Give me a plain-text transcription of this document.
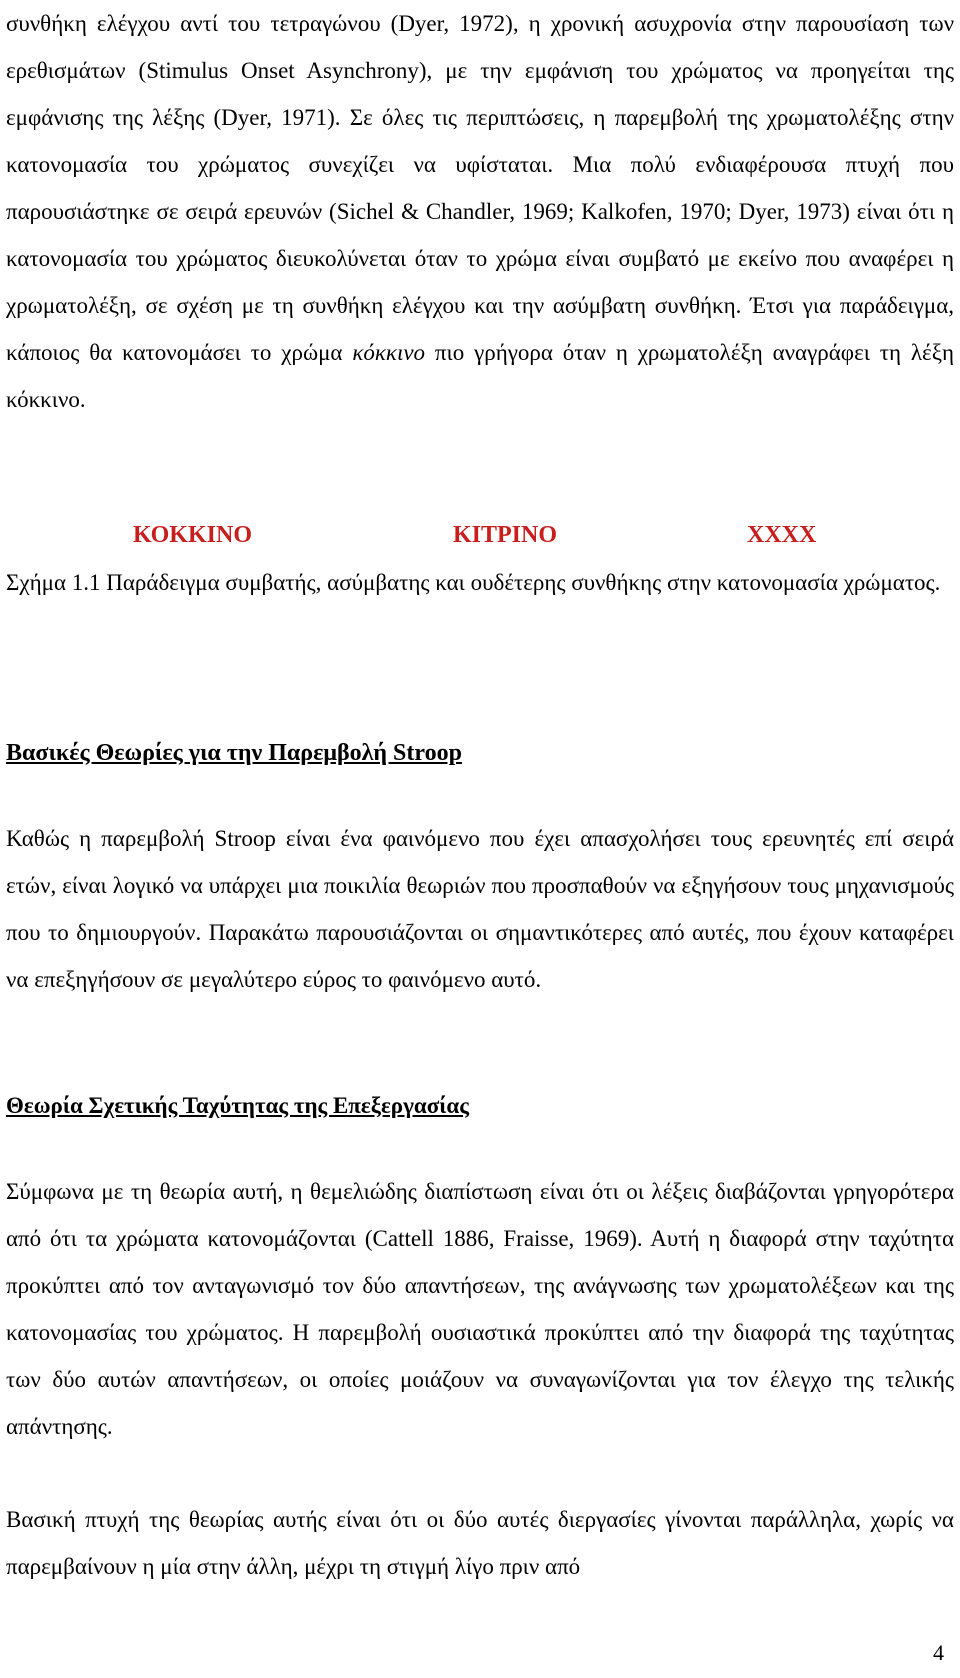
συνθήκη ελέγχου αντί του τετραγώνου (Dyer, 1972), η χρονική ασυχρονία στην παρουσίαση των ερεθισμάτων (Stimulus Onset Asynchrony), με την εμφάνιση του χρώματος να προηγείται της εμφάνισης της λέξης (Dyer, 1971). Σε όλες τις περιπτώσεις, η παρεμβολή της χρωματολέξης στην κατονομασία του χρώματος συνεχίζει να υφίσταται. Μια πολύ ενδιαφέρουσα πτυχή που παρουσιάστηκε σε σειρά ερευνών (Sichel & Chandler, 1969; Kalkofen, 1970; Dyer, 1973) είναι ότι η κατονομασία του χρώματος διευκολύνεται όταν το χρώμα είναι συμβατό με εκείνο που αναφέρει η χρωματολέξη, σε σχέση με τη συνθήκη ελέγχου και την ασύμβατη συνθήκη. Έτσι για παράδειγμα, κάποιος θα κατονομάσει το χρώμα κόκκινο πιο γρήγορα όταν η χρωματολέξη αναγράφει τη λέξη κόκκινο.

ΚΟΚΚΙΝΟ	ΚΙΤΡΙΝΟ	XXXX

Σχήμα 1.1 Παράδειγμα συμβατής, ασύμβατης και ουδέτερης συνθήκης στην κατονομασία χρώματος.

Βασικές Θεωρίες για την Παρεμβολή Stroop

Καθώς η παρεμβολή Stroop είναι ένα φαινόμενο που έχει απασχολήσει τους ερευνητές επί σειρά ετών, είναι λογικό να υπάρχει μια ποικιλία θεωριών που προσπαθούν να εξηγήσουν τους μηχανισμούς που το δημιουργούν. Παρακάτω παρουσιάζονται οι σημαντικότερες από αυτές, που έχουν καταφέρει να επεξηγήσουν σε μεγαλύτερο εύρος το φαινόμενο αυτό.

Θεωρία Σχετικής Ταχύτητας της Επεξεργασίας

Σύμφωνα με τη θεωρία αυτή, η θεμελιώδης διαπίστωση είναι ότι οι λέξεις διαβάζονται γρηγορότερα από ότι τα χρώματα κατονομάζονται (Cattell 1886, Fraisse, 1969). Αυτή η διαφορά στην ταχύτητα προκύπτει από τον ανταγωνισμό τον δύο απαντήσεων, της ανάγνωσης των χρωματολέξεων και της κατονομασίας του χρώματος. Η παρεμβολή ουσιαστικά προκύπτει από την διαφορά της ταχύτητας των δύο αυτών απαντήσεων, οι οποίες μοιάζουν να συναγωνίζονται για τον έλεγχο της τελικής απάντησης.

Βασική πτυχή της θεωρίας αυτής είναι ότι οι δύο αυτές διεργασίες γίνονται παράλληλα, χωρίς να παρεμβαίνουν η μία στην άλλη, μέχρι τη στιγμή λίγο πριν από

4
